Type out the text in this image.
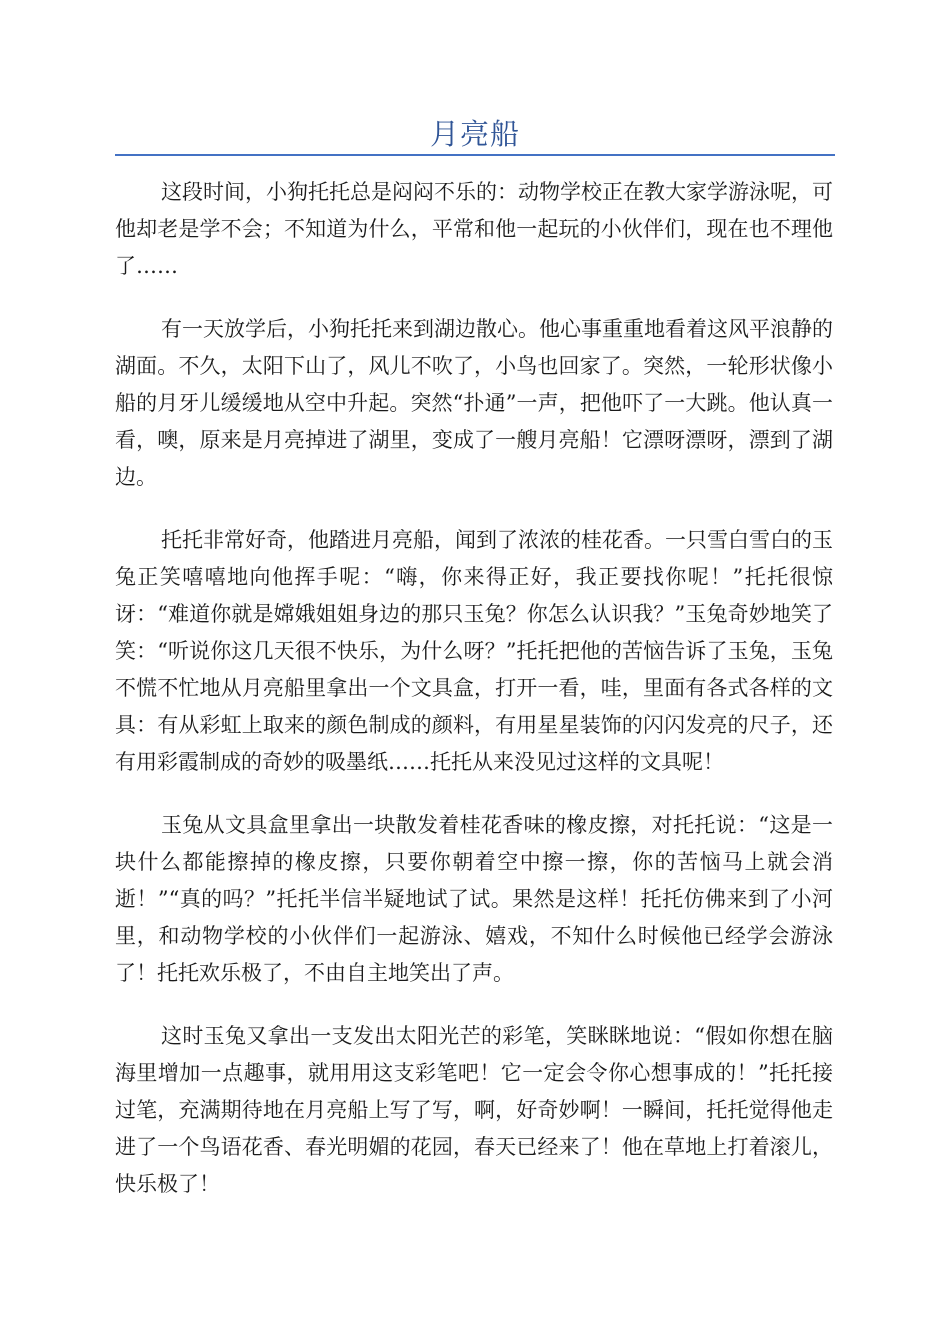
月亮船

这段时间，小狗托托总是闷闷不乐的：动物学校正在教大家学游泳呢，可他却老是学不会；不知道为什么，平常和他一起玩的小伙伴们，现在也不理他了……

有一天放学后，小狗托托来到湖边散心。他心事重重地看着这风平浪静的湖面。不久，太阳下山了，风儿不吹了，小鸟也回家了。突然，一轮形状像小船的月牙儿缓缓地从空中升起。突然“扑通”一声，把他吓了一大跳。他认真一看，噢，原来是月亮掉进了湖里，变成了一艘月亮船！它漂呀漂呀，漂到了湖边。

托托非常好奇，他踏进月亮船，闻到了浓浓的桂花香。一只雪白雪白的玉兔正笑嘻嘻地向他挥手呢：“嗨，你来得正好，我正要找你呢！”托托很惊讶：“难道你就是嫦娥姐姐身边的那只玉兔？你怎么认识我？”玉兔奇妙地笑了笑：“听说你这几天很不快乐，为什么呀？”托托把他的苦恼告诉了玉兔，玉兔不慌不忙地从月亮船里拿出一个文具盒，打开一看，哇，里面有各式各样的文具：有从彩虹上取来的颜色制成的颜料，有用星星装饰的闪闪发亮的尺子，还有用彩霞制成的奇妙的吸墨纸……托托从来没见过这样的文具呢！

玉兔从文具盒里拿出一块散发着桂花香味的橡皮擦，对托托说：“这是一块什么都能擦掉的橡皮擦，只要你朝着空中擦一擦，你的苦恼马上就会消逝！”“真的吗？”托托半信半疑地试了试。果然是这样！托托仿佛来到了小河里，和动物学校的小伙伴们一起游泳、嬉戏，不知什么时候他已经学会游泳了！托托欢乐极了，不由自主地笑出了声。

这时玉兔又拿出一支发出太阳光芒的彩笔，笑眯眯地说：“假如你想在脑海里增加一点趣事，就用用这支彩笔吧！它一定会令你心想事成的！”托托接过笔，充满期待地在月亮船上写了写，啊，好奇妙啊！一瞬间，托托觉得他走进了一个鸟语花香、春光明媚的花园，春天已经来了！他在草地上打着滚儿，快乐极了！
